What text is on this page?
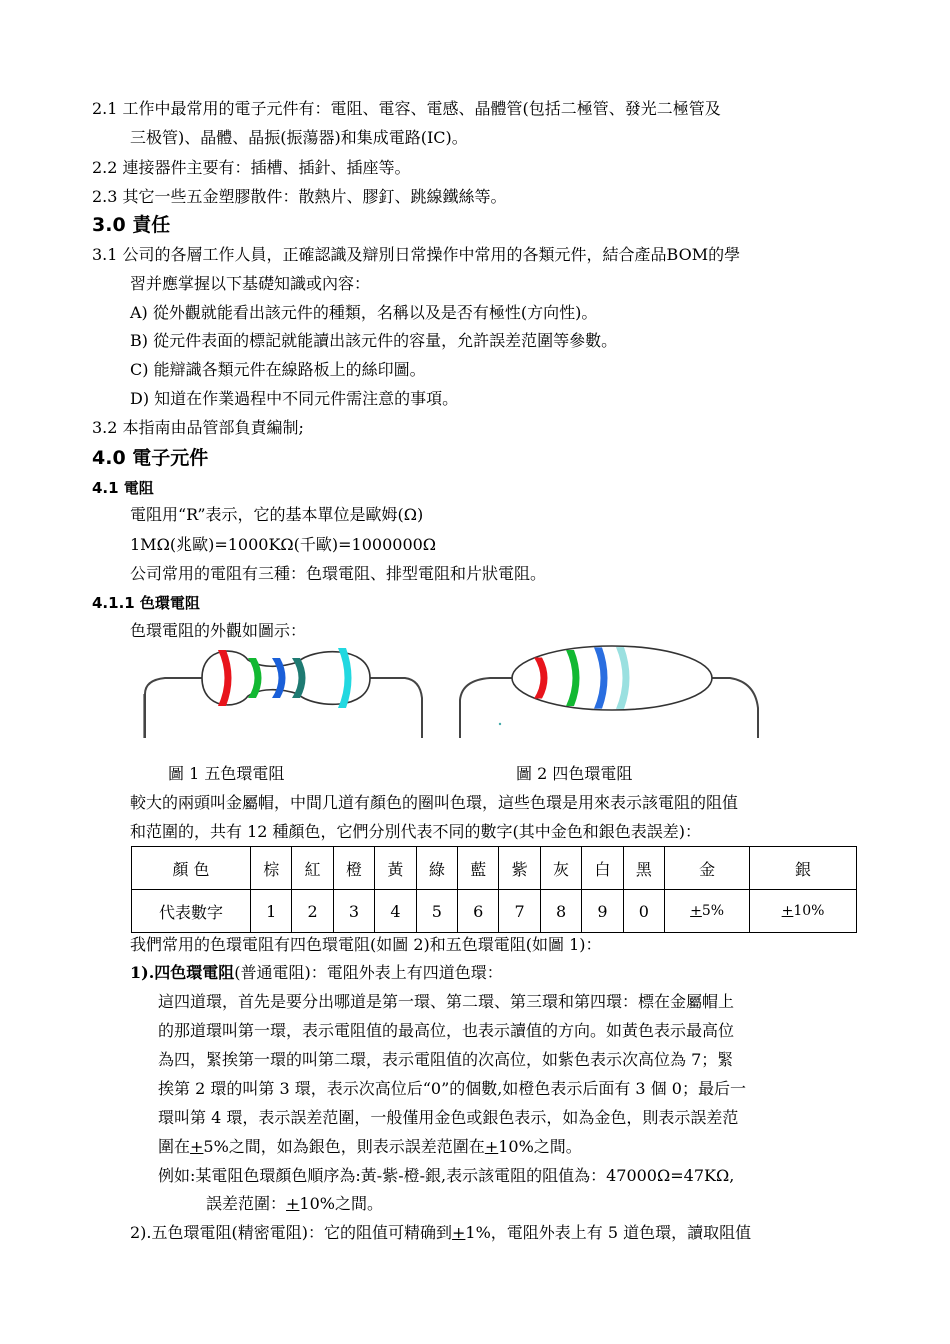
2.1 工作中最常用的電子元件有：電阻、電容、電感、晶體管(包括二極管、發光二極管及
三极管)、晶體、晶振(振蕩器)和集成電路(IC)。
2.2 連接器件主要有：插槽、插針、插座等。
2.3 其它一些五金塑膠散件：散熱片、膠釘、跳線鐵絲等。
3.0 責任
3.1 公司的各層工作人員，正確認識及辯別日常操作中常用的各類元件，結合產品BOM的學
習并應掌握以下基礎知識或內容：
A) 從外觀就能看出該元件的種類，名稱以及是否有極性(方向性)。
B) 從元件表面的標記就能讀出該元件的容量，允許誤差范圍等參數。
C) 能辯識各類元件在線路板上的絲印圖。
D) 知道在作業過程中不同元件需注意的事項。
3.2 本指南由品管部負責編制;
4.0 電子元件
4.1 電阻
電阻用“R”表示，它的基本單位是歐姆(Ω)
1MΩ(兆歐)=1000KΩ(千歐)=1000000Ω
公司常用的電阻有三種：色環電阻、排型電阻和片狀電阻。
4.1.1 色環電阻
色環電阻的外觀如圖示：
圖 1 五色環電阻	圖 2 四色環電阻
較大的兩頭叫金屬帽，中間几道有顏色的圈叫色環，這些色環是用來表示該電阻的阻值
和范圍的，共有 12 種顏色，它們分別代表不同的數字(其中金色和銀色表誤差)：
顏 色	棕	紅	橙	黃	綠	藍	紫	灰	白	黑	金	銀
代表數字	1	2	3	4	5	6	7	8	9	0	+5%	+10%
我們常用的色環電阻有四色環電阻(如圖 2)和五色環電阻(如圖 1)：
1).四色環電阻(普通電阻)：電阻外表上有四道色環：
這四道環，首先是要分出哪道是第一環、第二環、第三環和第四環：標在金屬帽上
的那道環叫第一環，表示電阻值的最高位，也表示讀值的方向。如黃色表示最高位
為四，緊挨第一環的叫第二環，表示電阻值的次高位，如紫色表示次高位為 7；緊
挨第 2 環的叫第 3 環，表示次高位后“0”的個數,如橙色表示后面有 3 個 0；最后一
環叫第 4 環，表示誤差范圍，一般僅用金色或銀色表示，如為金色，則表示誤差范
圍在+5%之間，如為銀色，則表示誤差范圍在+10%之間。
例如:某電阻色環顏色順序為:黃-紫-橙-銀,表示該電阻的阻值為：47000Ω=47KΩ,
誤差范圍：+10%之間。
2).五色環電阻(精密電阻)：它的阻值可精确到+1%，電阻外表上有 5 道色環，讀取阻值
